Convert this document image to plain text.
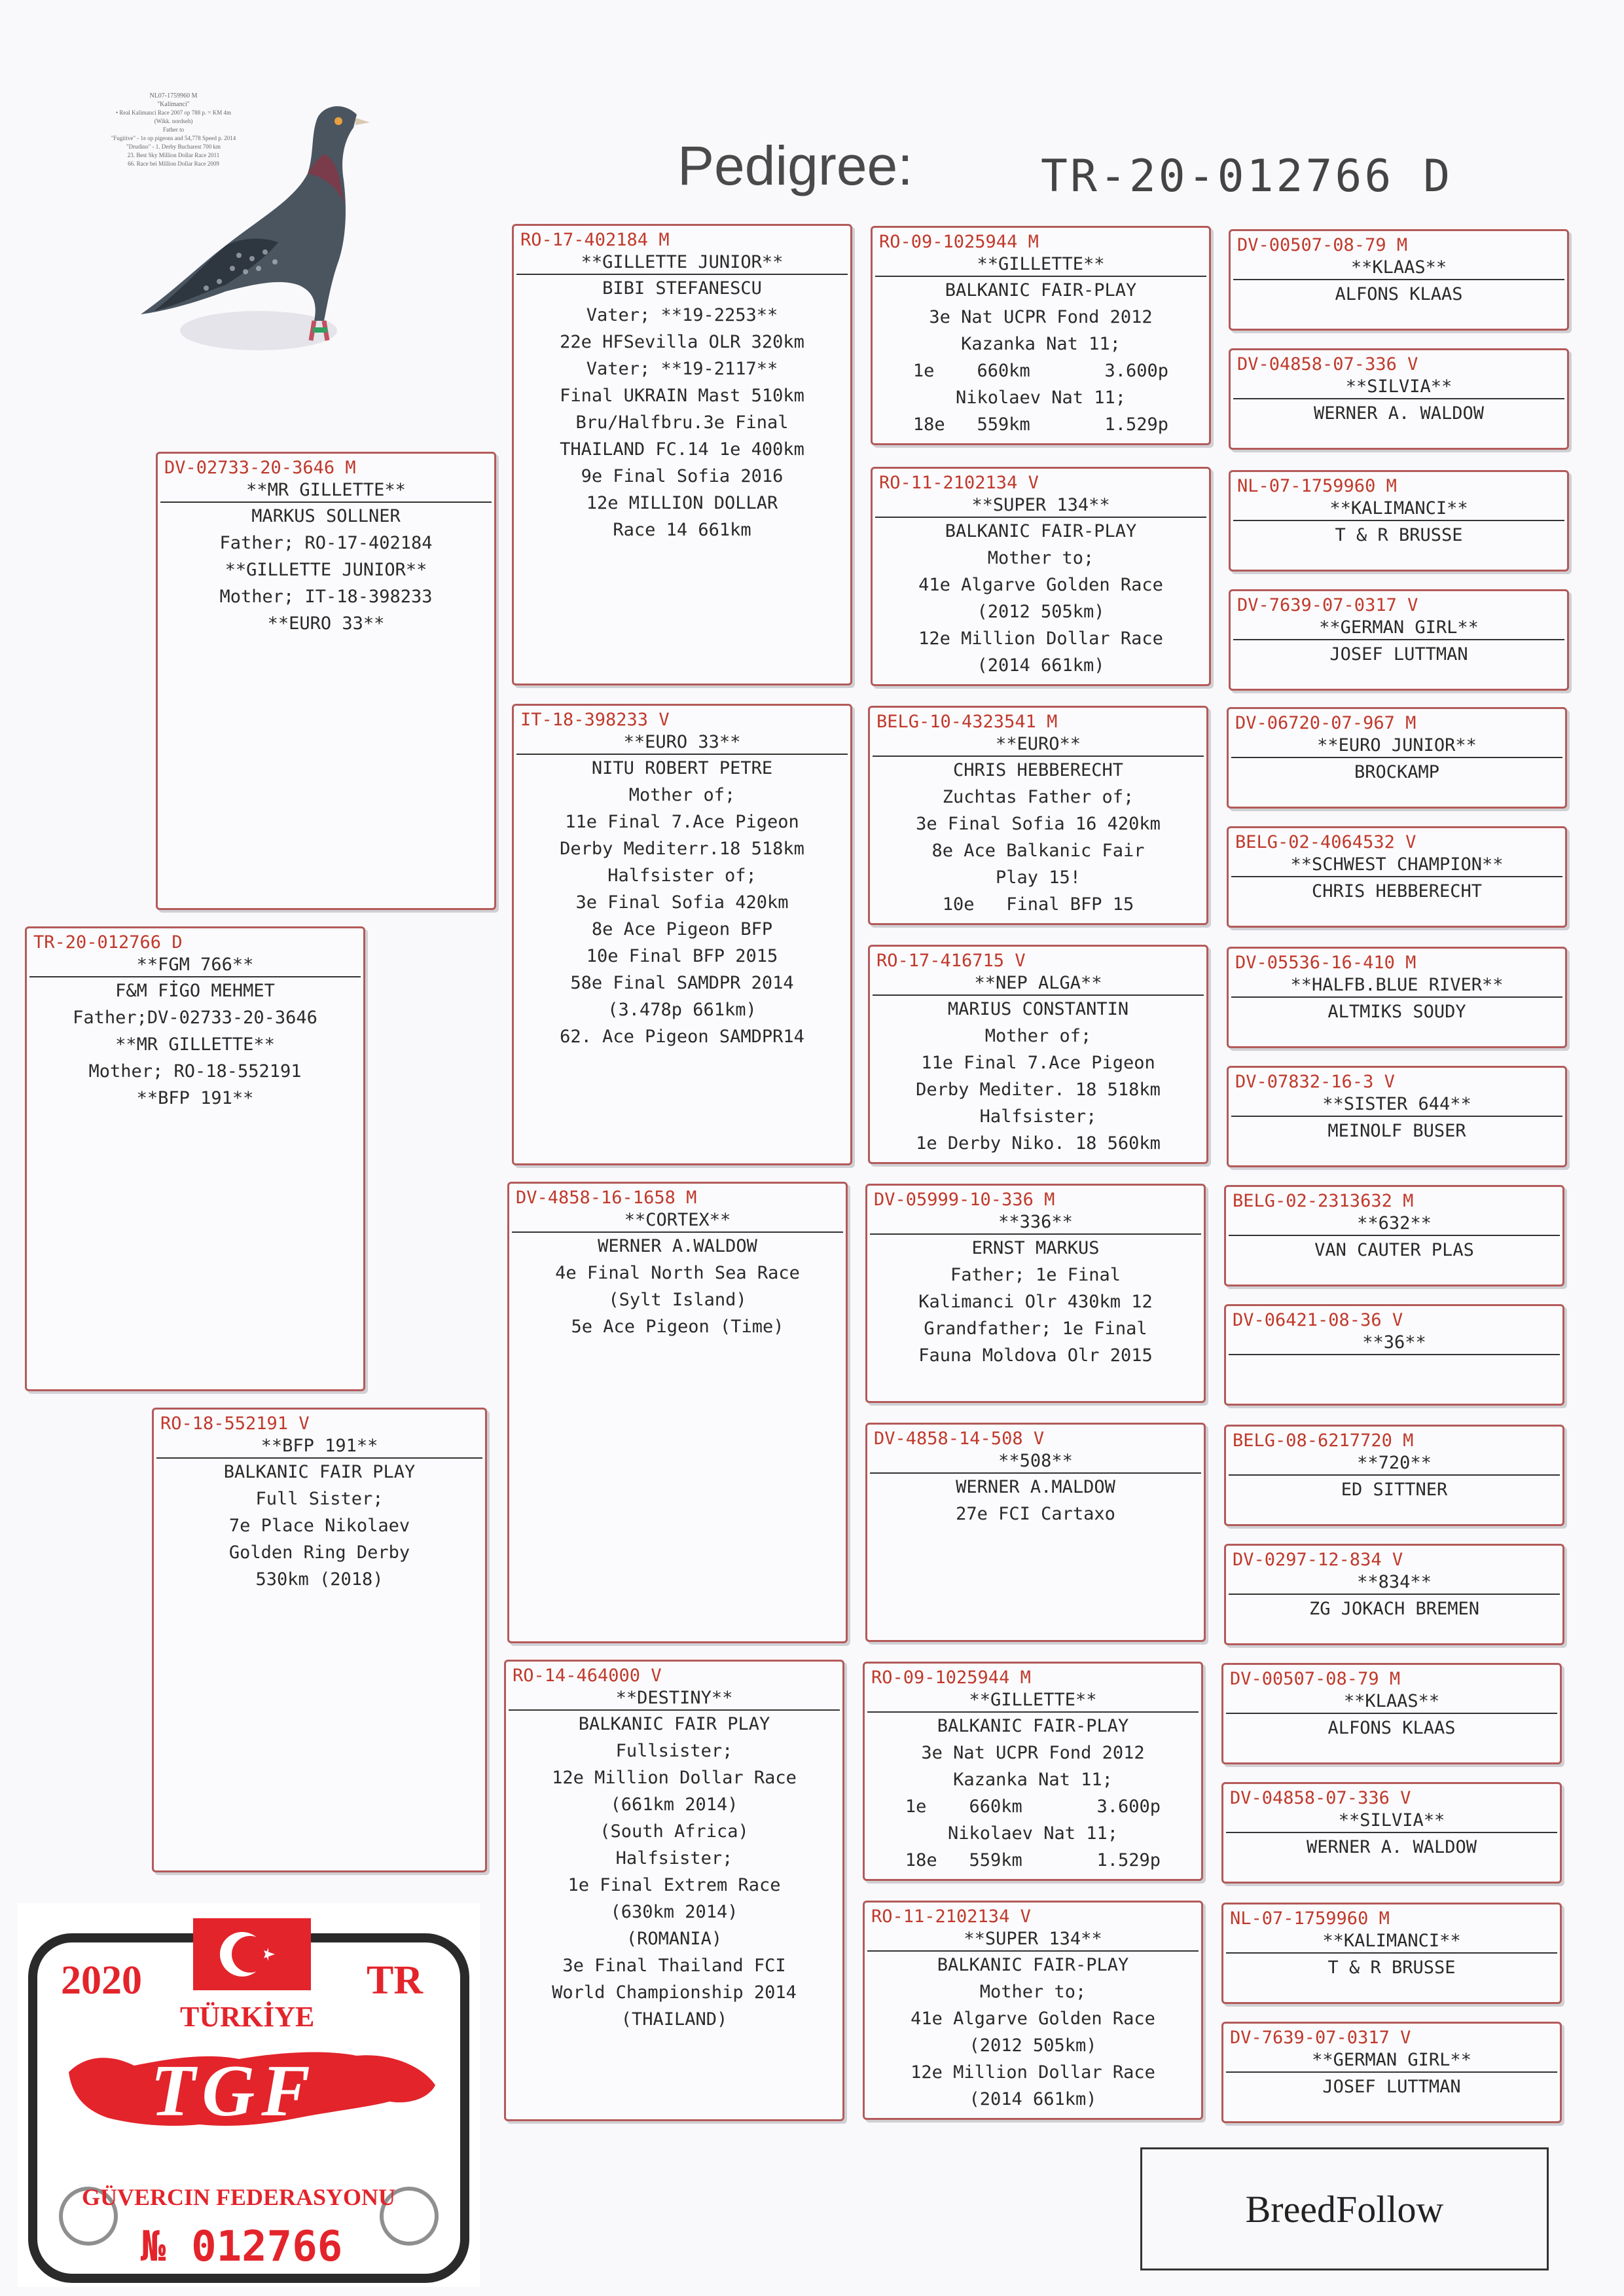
Pedigree:	TR-20-012766 D
NL07-1759960 M
"Kalimanci"
• Real Kalimanci Race 2007 op 788 p. = KM 4m
(Wikk. nordseh)
Father to
"Fugitive" - 1e op pigeons and 54,778 Speed p. 2014
"Drudino" - 1. Derby Bucharest 700 km
23. Best Sky Million Dollar Race 2011
66. Race bei Million Dollar Race 2009
TR-20-012766 D
**FGM 766**
F&M FİGO MEHMET
Father;DV-02733-20-3646
**MR GILLETTE**
Mother; RO-18-552191
**BFP 191**
DV-02733-20-3646 M
**MR GILLETTE**
MARKUS SOLLNER
Father; RO-17-402184
**GILLETTE JUNIOR**
Mother; IT-18-398233
**EURO 33**
RO-18-552191 V
**BFP 191**
BALKANIC FAIR PLAY
Full Sister;
7e Place Nikolaev
Golden Ring Derby
530km (2018)
RO-17-402184 M
**GILLETTE JUNIOR**
BIBI STEFANESCU
Vater; **19-2253**
22e HFSevilla OLR 320km
Vater; **19-2117**
Final UKRAIN Mast 510km
Bru/Halfbru.3e Final
THAILAND FC.14 1e 400km
9e Final Sofia 2016
12e MILLION DOLLAR
Race 14 661km
IT-18-398233 V
**EURO 33**
NITU ROBERT PETRE
Mother of;
11e Final 7.Ace Pigeon
Derby Mediterr.18 518km
Halfsister of;
3e Final Sofia 420km
8e Ace Pigeon BFP
10e Final BFP 2015
58e Final SAMDPR 2014
(3.478p 661km)
62. Ace Pigeon SAMDPR14
DV-4858-16-1658 M
**CORTEX**
WERNER A.WALDOW
4e Final North Sea Race
(Sylt Island)
5e Ace Pigeon (Time)
RO-14-464000 V
**DESTINY**
BALKANIC FAIR PLAY
Fullsister;
12e Million Dollar Race
(661km 2014)
(South Africa)
Halfsister;
1e Final Extrem Race
(630km 2014)
(ROMANIA)
3e Final Thailand FCI
World Championship 2014
(THAILAND)
RO-09-1025944 M
**GILLETTE**
BALKANIC FAIR-PLAY
3e Nat UCPR Fond 2012
Kazanka Nat 11;
1e    660km       3.600p
Nikolaev Nat 11;
18e   559km       1.529p
RO-11-2102134 V
**SUPER 134**
BALKANIC FAIR-PLAY
Mother to;
41e Algarve Golden Race
(2012 505km)
12e Million Dollar Race
(2014 661km)
BELG-10-4323541 M
**EURO**
CHRIS HEBBERECHT
Zuchtas Father of;
3e Final Sofia 16 420km
8e Ace Balkanic Fair
Play 15!
10e   Final BFP 15
RO-17-416715 V
**NEP ALGA**
MARIUS CONSTANTIN
Mother of;
11e Final 7.Ace Pigeon
Derby Mediter. 18 518km
Halfsister;
1e Derby Niko. 18 560km
DV-05999-10-336 M
**336**
ERNST MARKUS
Father; 1e Final
Kalimanci Olr 430km 12
Grandfather; 1e Final
Fauna Moldova Olr 2015
DV-4858-14-508 V
**508**
WERNER A.MALDOW
27e FCI Cartaxo
RO-09-1025944 M
**GILLETTE**
BALKANIC FAIR-PLAY
3e Nat UCPR Fond 2012
Kazanka Nat 11;
1e    660km       3.600p
Nikolaev Nat 11;
18e   559km       1.529p
RO-11-2102134 V
**SUPER 134**
BALKANIC FAIR-PLAY
Mother to;
41e Algarve Golden Race
(2012 505km)
12e Million Dollar Race
(2014 661km)
DV-00507-08-79 M
**KLAAS**
ALFONS KLAAS
DV-04858-07-336 V
**SILVIA**
WERNER A. WALDOW
NL-07-1759960 M
**KALIMANCI**
T & R BRUSSE
DV-7639-07-0317 V
**GERMAN GIRL**
JOSEF LUTTMAN
DV-06720-07-967 M
**EURO JUNIOR**
BROCKAMP
BELG-02-4064532 V
**SCHWEST CHAMPION**
CHRIS HEBBERECHT
DV-05536-16-410 M
**HALFB.BLUE RIVER**
ALTMIKS SOUDY
DV-07832-16-3 V
**SISTER 644**
MEINOLF BUSER
BELG-02-2313632 M
**632**
VAN CAUTER PLAS
DV-06421-08-36 V
**36**
BELG-08-6217720 M
**720**
ED SITTNER
DV-0297-12-834 V
**834**
ZG JOKACH BREMEN
DV-00507-08-79 M
**KLAAS**
ALFONS KLAAS
DV-04858-07-336 V
**SILVIA**
WERNER A. WALDOW
NL-07-1759960 M
**KALIMANCI**
T & R BRUSSE
DV-7639-07-0317 V
**GERMAN GIRL**
JOSEF LUTTMAN
2020	TR
TÜRKİYE
TGF
GÜVERCIN FEDERASYONU
№ 012766
BreedFollow
